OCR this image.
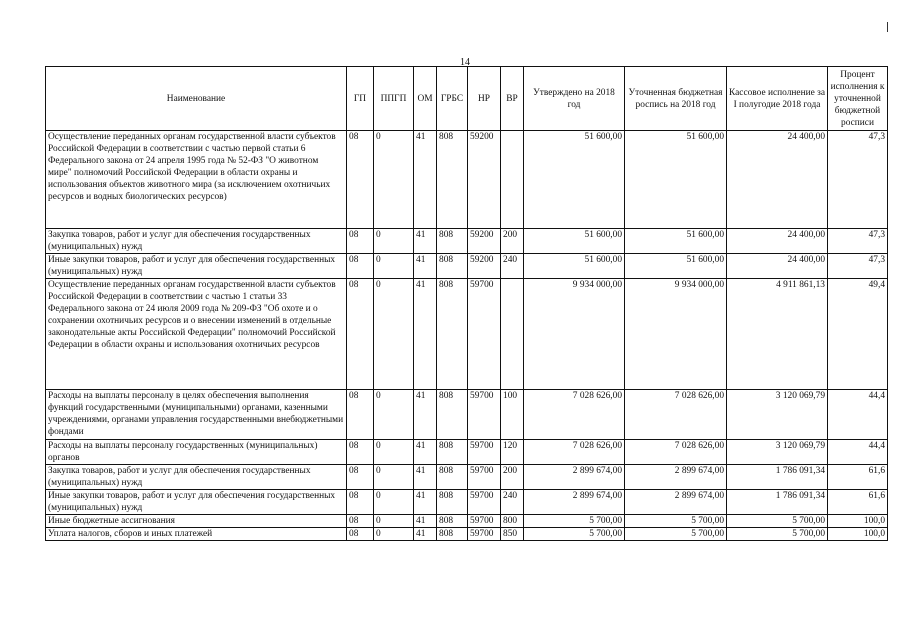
14
Наименование	ГП	ППГП	ОМ	ГРБС	НР	ВР	Утверждено на 2018 год	Уточненная бюджетная роспись на 2018 год	Кассовое исполнение за I полугодие 2018 года	Процент исполнения к уточненной бюджетной росписи
Осуществление переданных органам государственной власти субъектов Российской Федерации в соответствии с частью первой статьи 6 Федерального закона от 24 апреля 1995 года № 52-ФЗ "О животном мире" полномочий Российской Федерации в области охраны и использования объектов животного мира (за исключением охотничьих ресурсов и водных биологических ресурсов)	08	0	41	808	59200		51 600,00	51 600,00	24 400,00	47,3
Закупка товаров, работ и услуг для обеспечения государственных (муниципальных) нужд	08	0	41	808	59200	200	51 600,00	51 600,00	24 400,00	47,3
Иные закупки товаров, работ и услуг для обеспечения государственных (муниципальных) нужд	08	0	41	808	59200	240	51 600,00	51 600,00	24 400,00	47,3
Осуществление переданных органам государственной власти субъектов Российской Федерации в соответствии с частью 1 статьи 33 Федерального закона от 24 июля 2009 года № 209-ФЗ "Об охоте и о сохранении охотничьих ресурсов и о внесении изменений в отдельные законодательные акты Российской Федерации" полномочий Российской Федерации в области охраны и использования охотничьих ресурсов	08	0	41	808	59700		9 934 000,00	9 934 000,00	4 911 861,13	49,4
Расходы на выплаты персоналу в целях обеспечения выполнения функций государственными (муниципальными) органами, казенными учреждениями, органами управления государственными внебюджетными фондами	08	0	41	808	59700	100	7 028 626,00	7 028 626,00	3 120 069,79	44,4
Расходы на выплаты персоналу государственных (муниципальных) органов	08	0	41	808	59700	120	7 028 626,00	7 028 626,00	3 120 069,79	44,4
Закупка товаров, работ и услуг для обеспечения государственных (муниципальных) нужд	08	0	41	808	59700	200	2 899 674,00	2 899 674,00	1 786 091,34	61,6
Иные закупки товаров, работ и услуг для обеспечения государственных (муниципальных) нужд	08	0	41	808	59700	240	2 899 674,00	2 899 674,00	1 786 091,34	61,6
Иные бюджетные ассигнования	08	0	41	808	59700	800	5 700,00	5 700,00	5 700,00	100,0
Уплата налогов, сборов и иных платежей	08	0	41	808	59700	850	5 700,00	5 700,00	5 700,00	100,0
